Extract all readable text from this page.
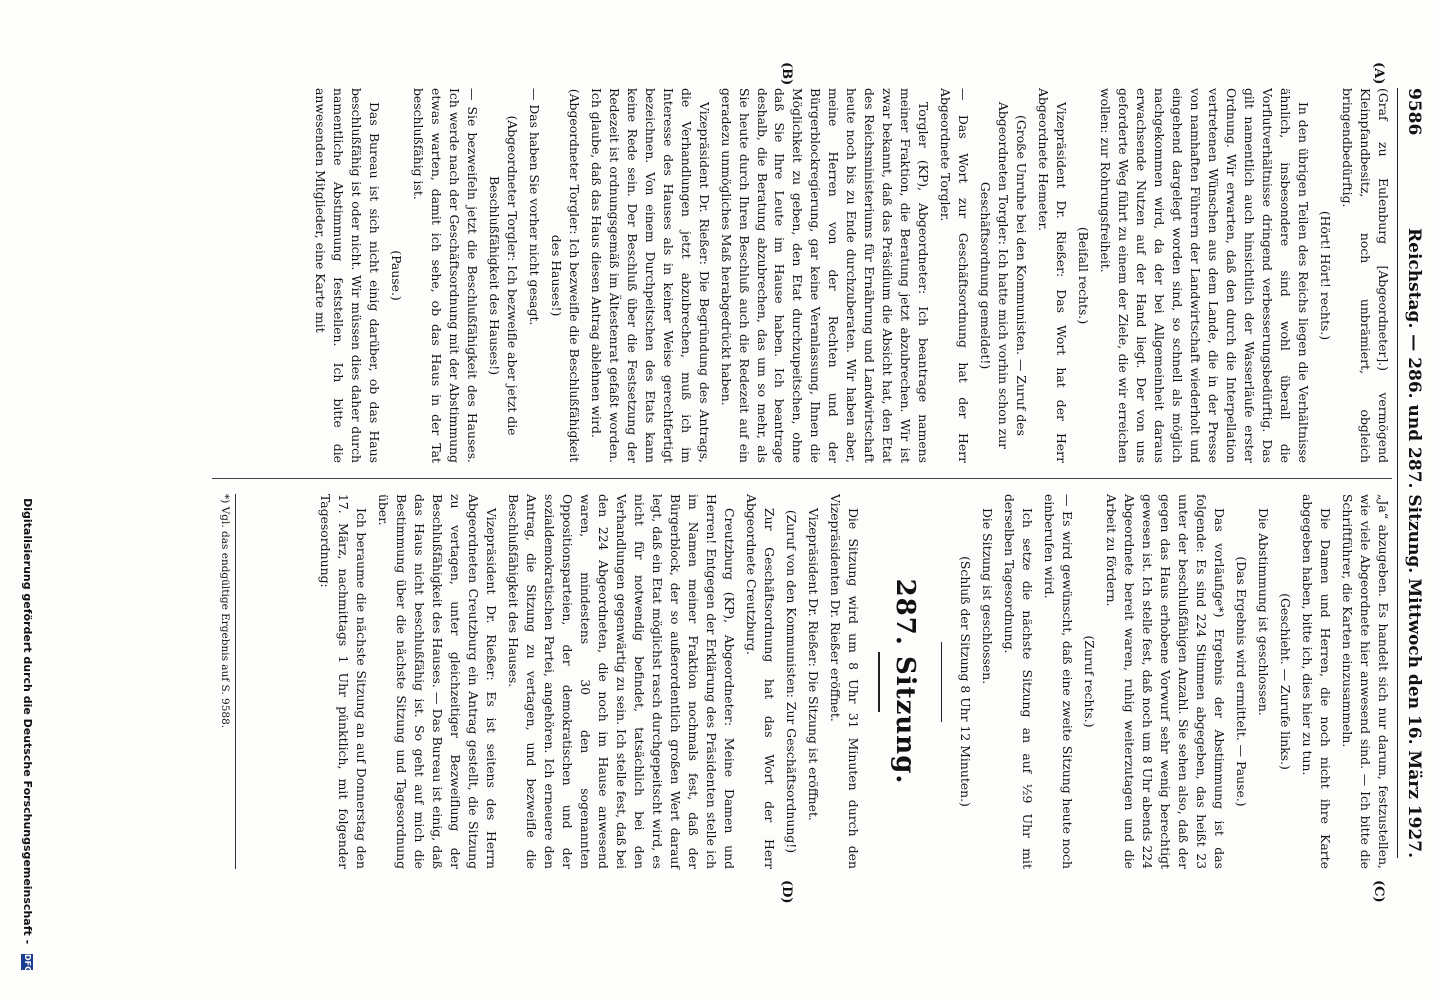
9586
Reichstag. — 286. und 287. Sitzung.
Mittwoch den 16. März 1927.
(A)
(B)
(C)
(D)

(Graf zu Eulenburg [Abgeordneter].) vermögend Kleinpfandbesitz, noch unbrämiert, obgleich bringendbedürftig.

(Hört! Hört! rechts.)

In den übrigen Teilen des Reichs liegen die Verhältnisse ähnlich, insbesondere sind wohl überall die Vorflutverhältnisse dringend verbesserungsbedürftig. Das gilt namentlich auch hinsichtlich der Wasserläufe erster Ordnung. Wir erwarten, daß den durch die Interpellation vertretenen Wünschen aus dem Lande, die in der Presse von namhaften Führern der Landwirtschaft wiederholt und eingehend dargelegt worden sind, so schnell als möglich nachgekommen wird, da der bei Allgemeinheit daraus erwachsende Nutzen auf der Hand liegt. Der von uns geforderte Weg führt zu einem der Ziele, die wir erreichen wollen: zur Rohrungsfreiheit.

(Beifall rechts.)

Vizepräsident Dr. Rießer: Das Wort hat der Herr Abgeordnete Hemeter.

(Große Unruhe bei den Kommunisten. — Zuruf des Abgeordneten Torgler: Ich hatte mich vorhin schon zur Geschäftsordnung gemeldet!)

— Das Wort zur Geschäftsordnung hat der Herr Abgeordnete Torgler.

Torgler (KP), Abgeordneter: Ich beantrage namens meiner Fraktion, die Beratung jetzt abzubrechen. Wir ist zwar bekannt, daß das Präsidium die Absicht hat, den Etat des Reichsministeriums für Ernährung und Landwirtschaft heute noch bis zu Ende durchzuberaten. Wir haben aber, meine Herren von der Rechten und der Bürgerblockregierung, gar keine Veranlassung, Ihnen die Möglichkeit zu geben, den Etat durchzupeitschen, ohne daß Sie Ihre Leute im Hause haben. Ich beantrage deshalb, die Beratung abzubrechen, das um so mehr, als Sie heute durch Ihren Beschluß auch die Redezeit auf ein geradezu unmögliches Maß herabgedrückt haben.

Vizepräsident Dr. Rießer: Die Begründung des Antrags, die Verhandlungen jetzt abzubrechen, muß ich im Interesse des Hauses als in keiner Weise gerechtfertigt bezeichnen. Von einem Durchpeitschen des Etats kann keine Rede sein. Der Beschluß über die Festsetzung der Redezeit ist ordnungsgemäß im Ältestenrat gefaßt worden. Ich glaube, daß das Haus diesen Antrag ablehnen wird.

(Abgeordneter Torgler: Ich bezweifle die Beschlußfähigkeit des Hauses!)

— Das haben Sie vorher nicht gesagt.

(Abgeordneter Torgler: Ich bezweifle aber jetzt die Beschlußfähigkeit des Hauses!)

— Sie bezweifeln jetzt die Beschlußfähigkeit des Hauses. Ich werde nach der Geschäftsordnung mit der Abstimmung etwas warten, damit ich sehe, ob das Haus in der Tat beschlußfähig ist.

(Pause.)

Das Bureau ist sich nicht einig darüber, ob das Haus beschlußfähig ist oder nicht. Wir müssen dies daher durch namentliche Abstimmung feststellen. Ich bitte die anwesenden Mitglieder, eine Karte mit

„Ja“ abzugeben. Es handelt sich nur darum, festzustellen, wie viele Abgeordnete hier anwesend sind. — Ich bitte die Schriftführer, die Karten einzusammeln.

Die Damen und Herren, die noch nicht ihre Karte abgegeben haben, bitte ich, dies hier zu tun.

(Geschieht. — Zurufe links.)

Die Abstimmung ist geschlossen.

(Das Ergebnis wird ermittelt. — Pause.)

Das vorläufige*) Ergebnis der Abstimmung ist das folgende: Es sind 224 Stimmen abgegeben, das heißt 23 unter der beschlußfähigen Anzahl. Sie sehen also, daß der gegen das Haus erhobene Vorwurf sehr wenig berechtigt gewesen ist. Ich stelle fest, daß noch um 8 Uhr abends 224 Abgeordnete bereit waren, ruhig weiterzutagen und die Arbeit zu fördern.

(Zuruf rechts.)

— Es wird gewünscht, daß eine zweite Sitzung heute noch einberufen wird.

Ich setze die nächste Sitzung an auf ½9 Uhr mit derselben Tagesordnung.

Die Sitzung ist geschlossen.

(Schluß der Sitzung 8 Uhr 12 Minuten.)

287. Sitzung.

Die Sitzung wird um 8 Uhr 31 Minuten durch den Vizepräsidenten Dr. Rießer eröffnet.

Vizepräsident Dr. Rießer: Die Sitzung ist eröffnet.

(Zuruf von den Kommunisten: Zur Geschäftsordnung!)

Zur Geschäftsordnung hat das Wort der Herr Abgeordnete Creutzburg.

Creutzburg (KP), Abgeordneter: Meine Damen und Herren! Entgegen der Erklärung des Präsidenten stelle ich im Namen meiner Fraktion nochmals fest, daß der Bürgerblock, der so außerordentlich großen Wert darauf legt, daß ein Etat möglichst rasch durchgepeitscht wird, es nicht für notwendig befindet, tatsächlich bei den Verhandlungen gegenwärtig zu sein. Ich stelle fest, daß bei den 224 Abgeordneten, die noch im Hause anwesend waren, mindestens 30 den sogenannten Oppositionsparteien, der demokratischen und der sozialdemokratischen Partei, angehören. Ich erneuere den Antrag, die Sitzung zu vertagen, und bezweifle die Beschlußfähigkeit des Hauses.

Vizepräsident Dr. Rießer: Es ist seitens des Herrn Abgeordneten Creutzburg ein Antrag gestellt, die Sitzung zu vertagen, unter gleichzeitiger Bezweiflung der Beschlußfähigkeit des Hauses. — Das Bureau ist einig, daß das Haus nicht beschlußfähig ist. So geht auf mich die Bestimmung über die nächste Sitzung und Tagesordnung über.

Ich beraume die nächste Sitzung an auf Donnerstag den 17. März, nachmittags 1 Uhr pünktlich, mit folgender Tagesordnung:

*) Vgl. das endgültige Ergebnis auf S. 9588.
Digitalisierung gefördert durch die Deutsche Forschungsgemeinschaft - DFG
